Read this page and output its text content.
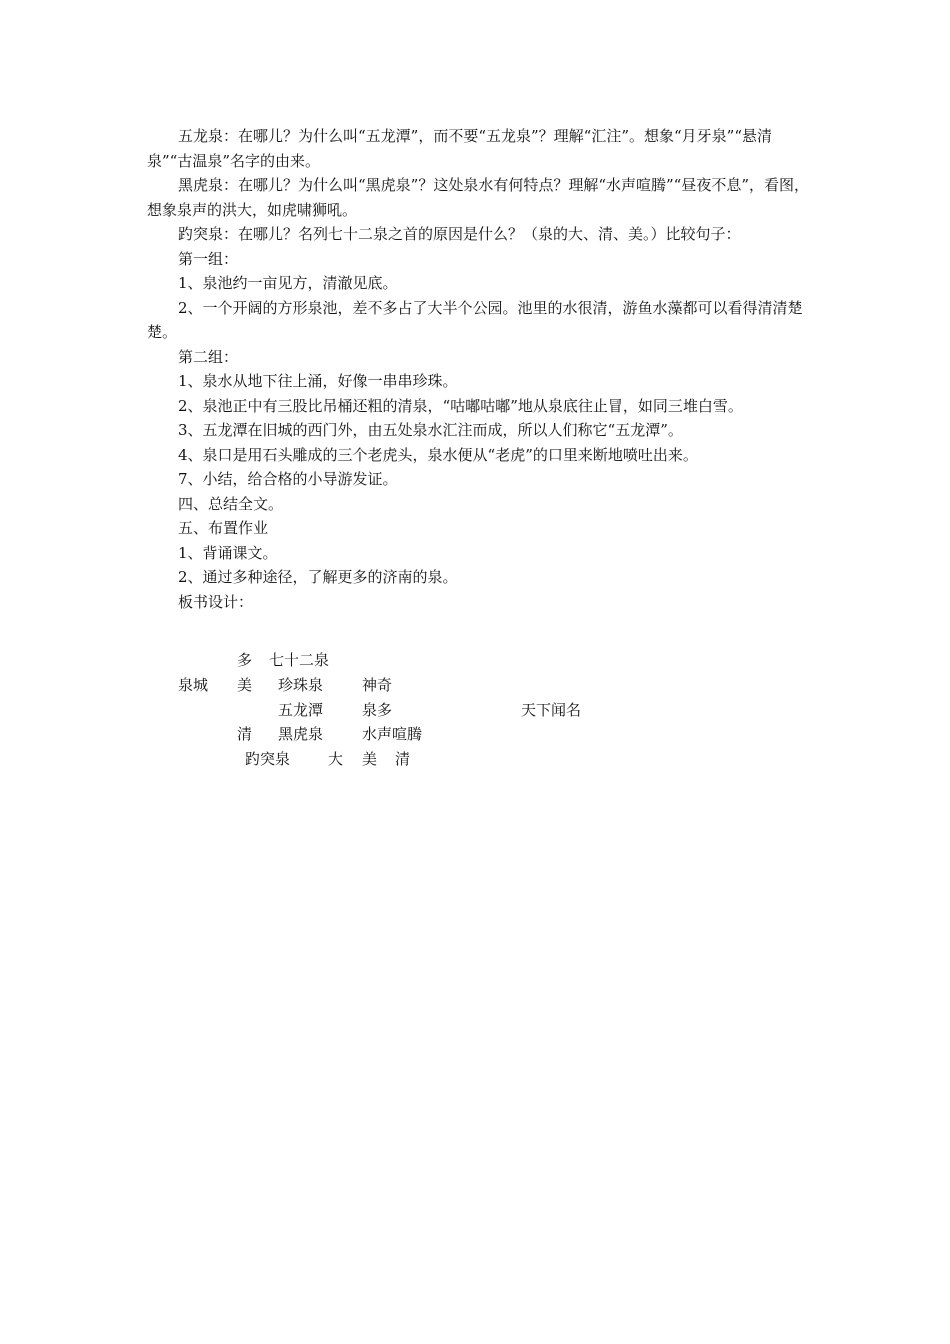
五龙泉：在哪儿？为什么叫“五龙潭”，而不要“五龙泉”？理解“汇注”。想象“月牙泉”“悬清泉”“古温泉”名字的由来。

黑虎泉：在哪儿？为什么叫“黑虎泉”？这处泉水有何特点？理解“水声喧腾”“昼夜不息”，看图，想象泉声的洪大，如虎啸狮吼。

趵突泉：在哪儿？名列七十二泉之首的原因是什么？（泉的大、清、美。）比较句子：

第一组：

1、泉池约一亩见方，清澈见底。

2、一个开阔的方形泉池，差不多占了大半个公园。池里的水很清，游鱼水藻都可以看得清清楚楚。

第二组：

1、泉水从地下往上涌，好像一串串珍珠。

2、泉池正中有三股比吊桶还粗的清泉，“咕嘟咕嘟”地从泉底往止冒，如同三堆白雪。

3、五龙潭在旧城的西门外，由五处泉水汇注而成，所以人们称它“五龙潭”。

4、泉口是用石头雕成的三个老虎头，泉水便从“老虎”的口里来断地喷吐出来。

7、小结，给合格的小导游发证。

四、总结全文。

五、布置作业

1、背诵课文。

2、通过多种途径，了解更多的济南的泉。

板书设计：

多 七十二泉
泉城 美 珍珠泉	神奇
五龙潭	泉多	天下闻名
清 黑虎泉	水声喧腾
趵突泉	大 美 清
